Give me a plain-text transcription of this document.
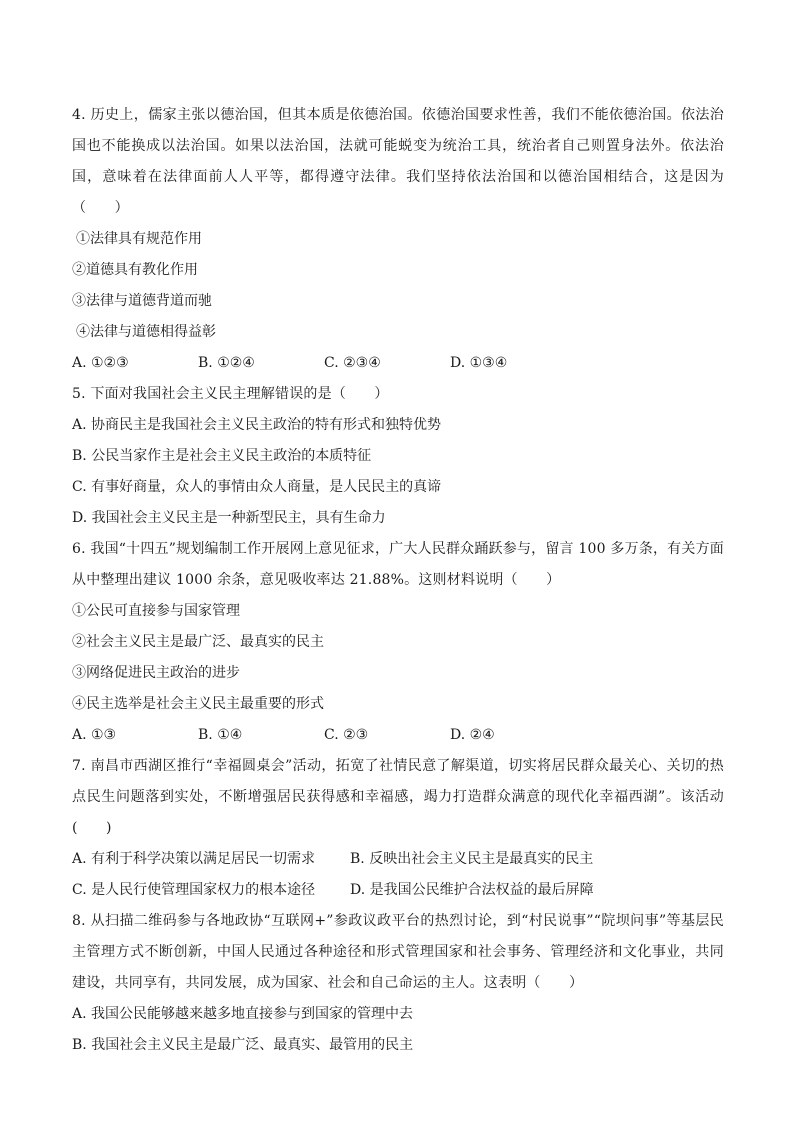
4. 历史上，儒家主张以德治国，但其本质是依德治国。依德治国要求性善，我们不能依德治国。依法治国也不能换成以法治国。如果以法治国，法就可能蜕变为统治工具，统治者自己则置身法外。依法治国，意味着在法律面前人人平等，都得遵守法律。我们坚持依法治国和以德治国相结合，这是因为（　　）

①法律具有规范作用

②道德具有教化作用

③法律与道德背道而驰

④法律与道德相得益彰

A. ①②③	B. ①②④	C. ②③④	D. ①③④

5. 下面对我国社会主义民主理解错误的是（　　）

A. 协商民主是我国社会主义民主政治的特有形式和独特优势

B. 公民当家作主是社会主义民主政治的本质特征

C. 有事好商量，众人的事情由众人商量，是人民民主的真谛

D. 我国社会主义民主是一种新型民主，具有生命力

6. 我国“十四五”规划编制工作开展网上意见征求，广大人民群众踊跃参与，留言 100 多万条，有关方面从中整理出建议 1000 余条，意见吸收率达 21.88%。这则材料说明（　　）

①公民可直接参与国家管理

②社会主义民主是最广泛、最真实的民主

③网络促进民主政治的进步

④民主选举是社会主义民主最重要的形式

A. ①③	B. ①④	C. ②③	D. ②④

7. 南昌市西湖区推行“幸福圆桌会”活动，拓宽了社情民意了解渠道，切实将居民群众最关心、关切的热点民生问题落到实处，不断增强居民获得感和幸福感，竭力打造群众满意的现代化幸福西湖”。该活动(　　)

A. 有利于科学决策以满足居民一切需求	B. 反映出社会主义民主是最真实的民主
C. 是人民行使管理国家权力的根本途径	D. 是我国公民维护合法权益的最后屏障

8. 从扫描二维码参与各地政协“互联网+”参政议政平台的热烈讨论，到“村民说事”“院坝问事”等基层民主管理方式不断创新，中国人民通过各种途径和形式管理国家和社会事务、管理经济和文化事业，共同建设，共同享有，共同发展，成为国家、社会和自己命运的主人。这表明（　　）

A. 我国公民能够越来越多地直接参与到国家的管理中去

B. 我国社会主义民主是最广泛、最真实、最管用的民主
